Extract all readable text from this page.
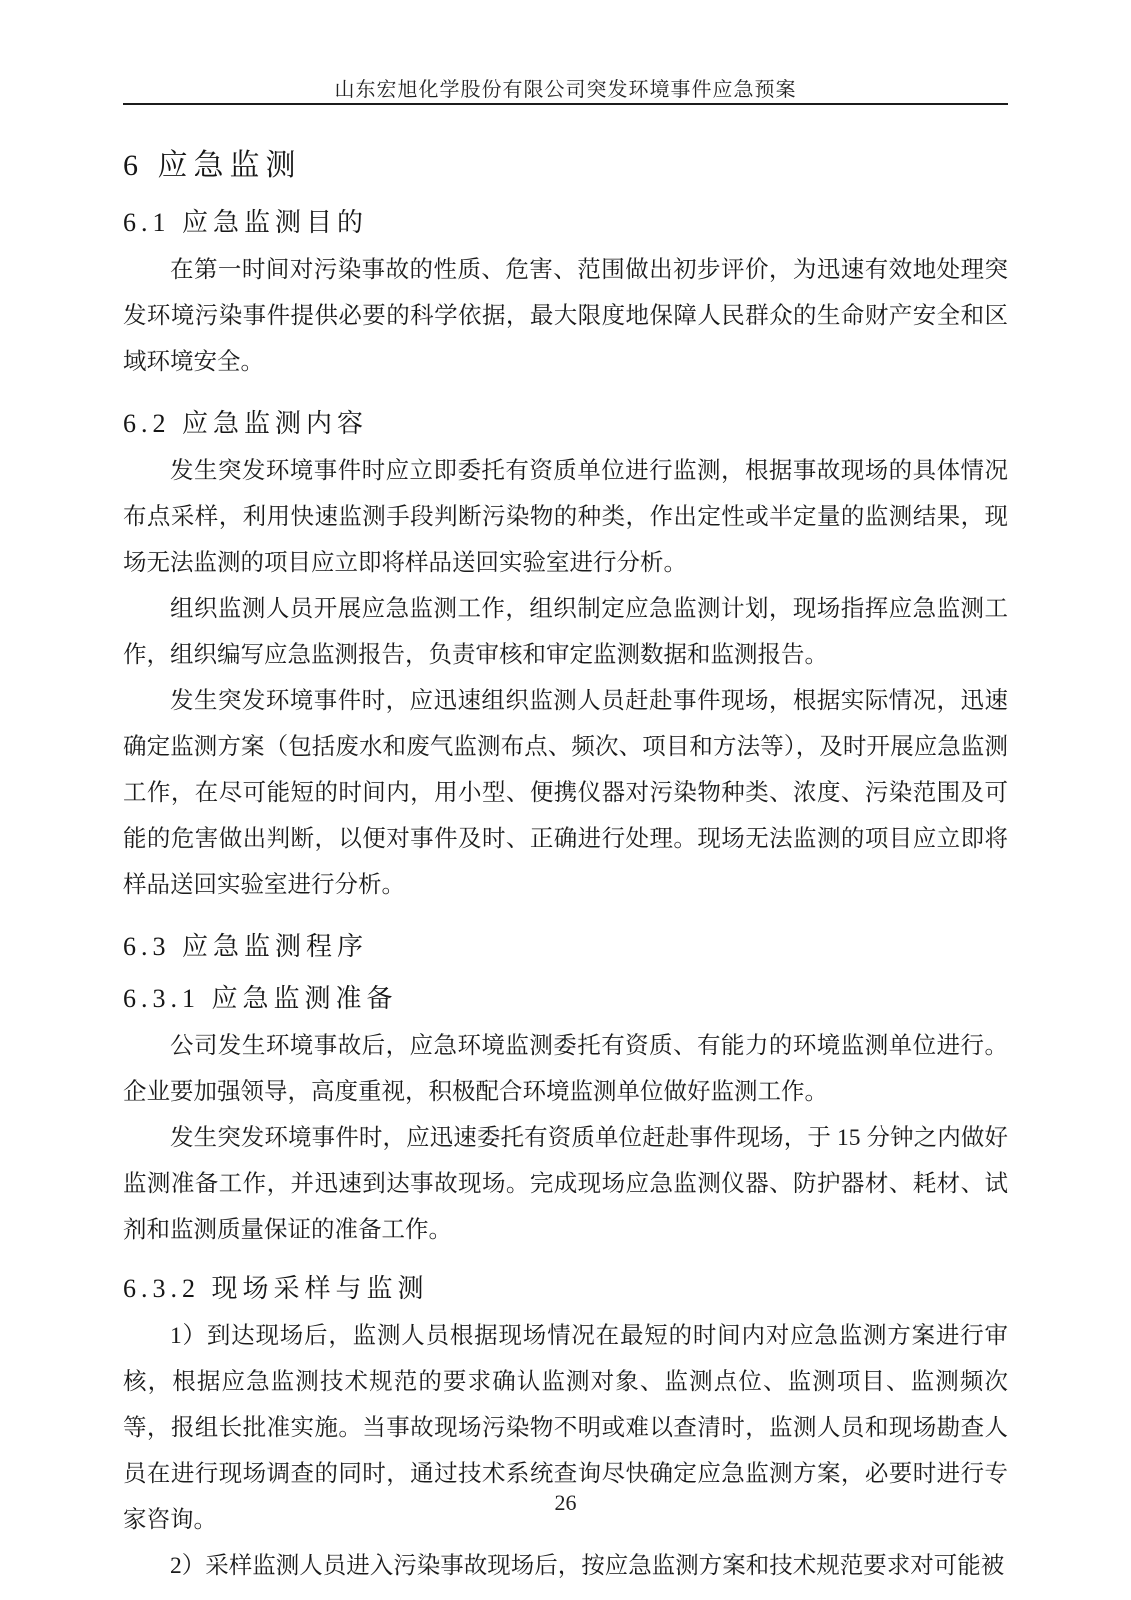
山东宏旭化学股份有限公司突发环境事件应急预案
6 应急监测
6.1 应急监测目的

在第一时间对污染事故的性质、危害、范围做出初步评价，为迅速有效地处理突发环境污染事件提供必要的科学依据，最大限度地保障人民群众的生命财产安全和区域环境安全。

6.2 应急监测内容

发生突发环境事件时应立即委托有资质单位进行监测，根据事故现场的具体情况布点采样，利用快速监测手段判断污染物的种类，作出定性或半定量的监测结果，现场无法监测的项目应立即将样品送回实验室进行分析。

组织监测人员开展应急监测工作，组织制定应急监测计划，现场指挥应急监测工作，组织编写应急监测报告，负责审核和审定监测数据和监测报告。

发生突发环境事件时，应迅速组织监测人员赶赴事件现场，根据实际情况，迅速确定监测方案（包括废水和废气监测布点、频次、项目和方法等），及时开展应急监测工作，在尽可能短的时间内，用小型、便携仪器对污染物种类、浓度、污染范围及可能的危害做出判断，以便对事件及时、正确进行处理。现场无法监测的项目应立即将样品送回实验室进行分析。

6.3 应急监测程序
6.3.1 应急监测准备

公司发生环境事故后，应急环境监测委托有资质、有能力的环境监测单位进行。企业要加强领导，高度重视，积极配合环境监测单位做好监测工作。

发生突发环境事件时，应迅速委托有资质单位赶赴事件现场，于 15 分钟之内做好监测准备工作，并迅速到达事故现场。完成现场应急监测仪器、防护器材、耗材、试剂和监测质量保证的准备工作。

6.3.2 现场采样与监测

1）到达现场后，监测人员根据现场情况在最短的时间内对应急监测方案进行审核，根据应急监测技术规范的要求确认监测对象、监测点位、监测项目、监测频次等，报组长批准实施。当事故现场污染物不明或难以查清时，监测人员和现场勘查人员在进行现场调查的同时，通过技术系统查询尽快确定应急监测方案，必要时进行专家咨询。

2）采样监测人员进入污染事故现场后，按应急监测方案和技术规范要求对可能被

26
